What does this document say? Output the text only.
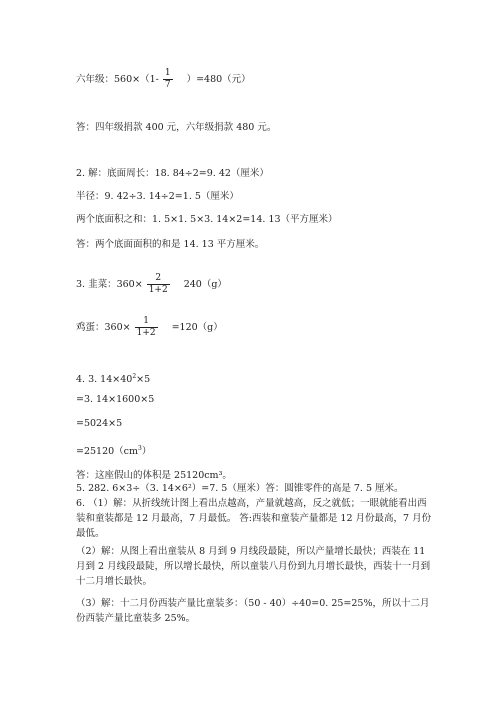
六年级：$560\times(1- \frac{1}{7} )=480$（元）
答：四年级捐款 400 元，六年级捐款 480 元。
2. 解：底面周长：18. 84÷2=9. 42（厘米）
半径：9. 42÷3. 14÷2=1. 5（厘米）
两个底面积之和：1. 5×1. 5×3. 14×2=14. 13（平方厘米）
答：两个底面面积的和是 14. 13 平方厘米。
3. 韭菜：$360\times \frac{2}{1+2} 240(g)$
鸡蛋：$360\times \frac{1}{1+2} =120(g)$
4. 3. $14\times 40^2\times 5$
=3. 14×1600×5
=5024×5
$=25120(cm^3)$
答：这座假山的体积是 25120cm³。
5. 282. 6×3÷（3. 14×6²）=7. 5（厘米）答：圆锥零件的高是 7. 5 厘米。
6. （1）解：从折线统计图上看出点越高，产量就越高，反之就低；一眼就能看出西装和童装都是 12 月最高，7 月最低。 答:西装和童装产量都是 12 月份最高，7 月份最低。
（2）解：从图上看出童装从 8 月到 9 月线段最陡，所以产量增长最快；西装在 11 月到 2 月线段最陡，所以增长最快，所以童装八月份到九月增长最快，西装十一月到十二月增长最快。
（3）解：十二月份西装产量比童装多：（50 - 40）÷40=0. 25=25%，所以十二月份西装产量比童装多 25%。
